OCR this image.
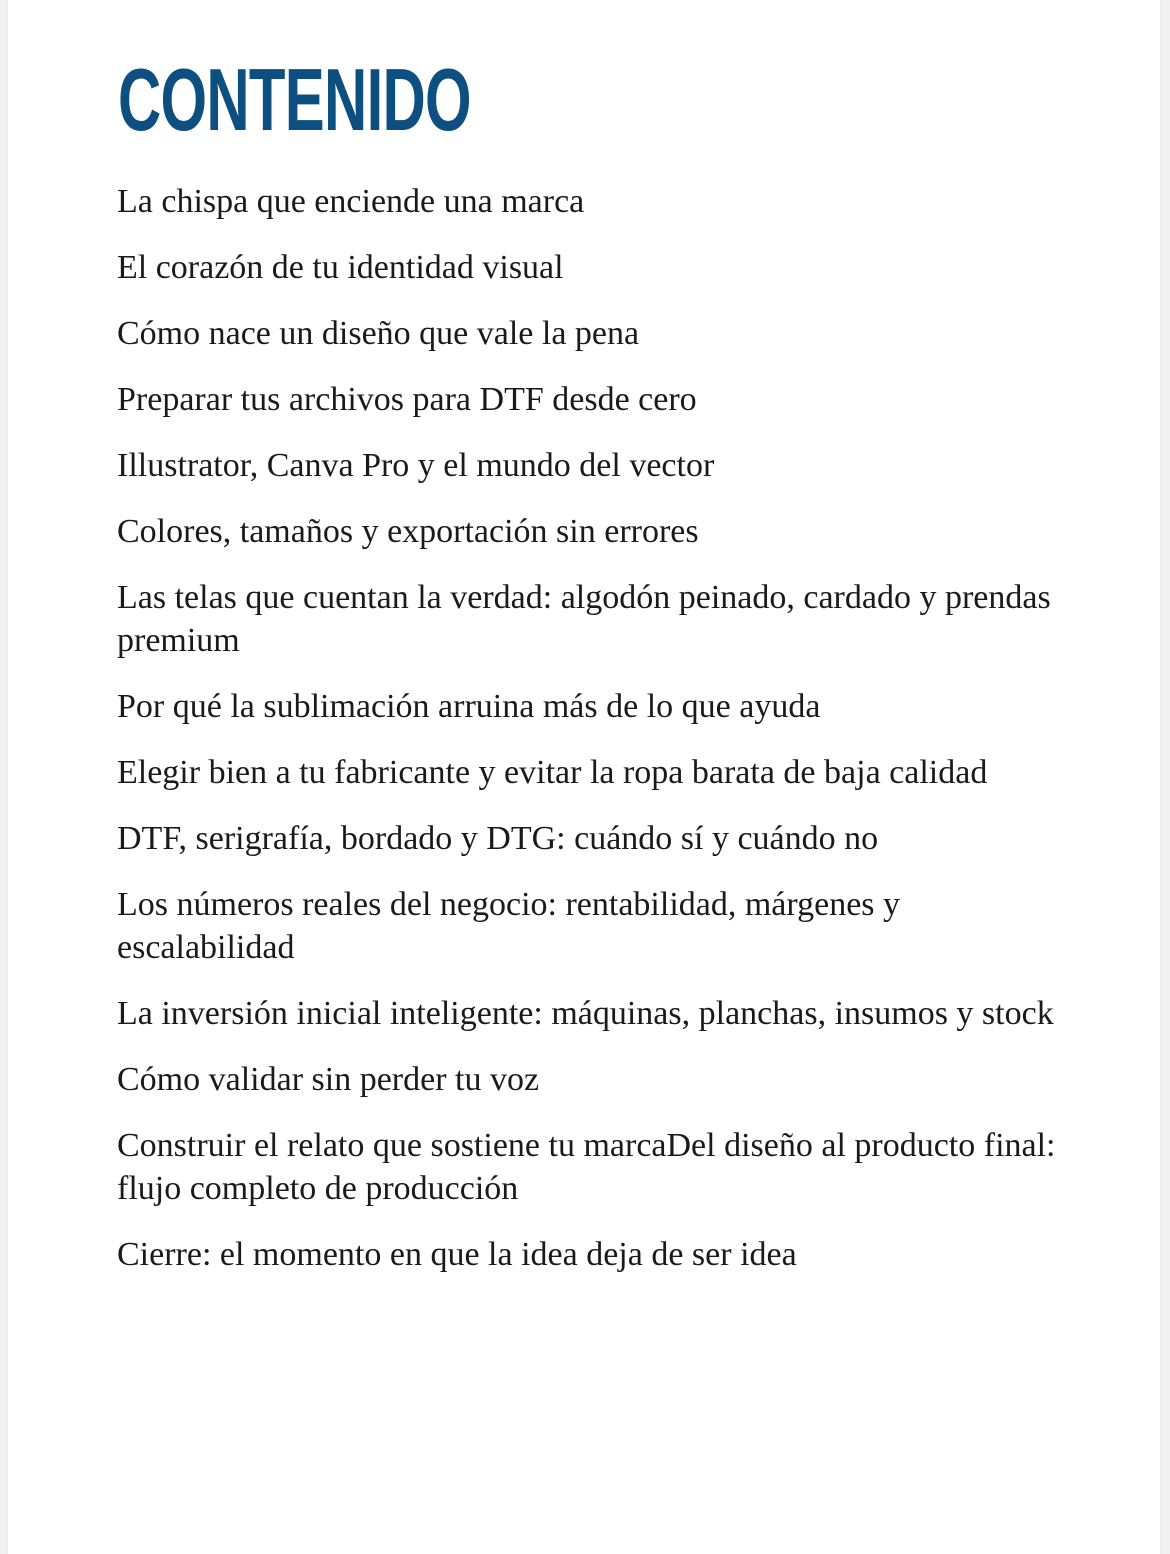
CONTENIDO
La chispa que enciende una marca
El corazón de tu identidad visual
Cómo nace un diseño que vale la pena
Preparar tus archivos para DTF desde cero
Illustrator, Canva Pro y el mundo del vector
Colores, tamaños y exportación sin errores
Las telas que cuentan la verdad: algodón peinado, cardado y prendas premium
Por qué la sublimación arruina más de lo que ayuda
Elegir bien a tu fabricante y evitar la ropa barata de baja calidad
DTF, serigrafía, bordado y DTG: cuándo sí y cuándo no
Los números reales del negocio: rentabilidad, márgenes y escalabilidad
La inversión inicial inteligente: máquinas, planchas, insumos y stock
Cómo validar sin perder tu voz
Construir el relato que sostiene tu marcaDel diseño al producto final: flujo completo de producción
Cierre: el momento en que la idea deja de ser idea
